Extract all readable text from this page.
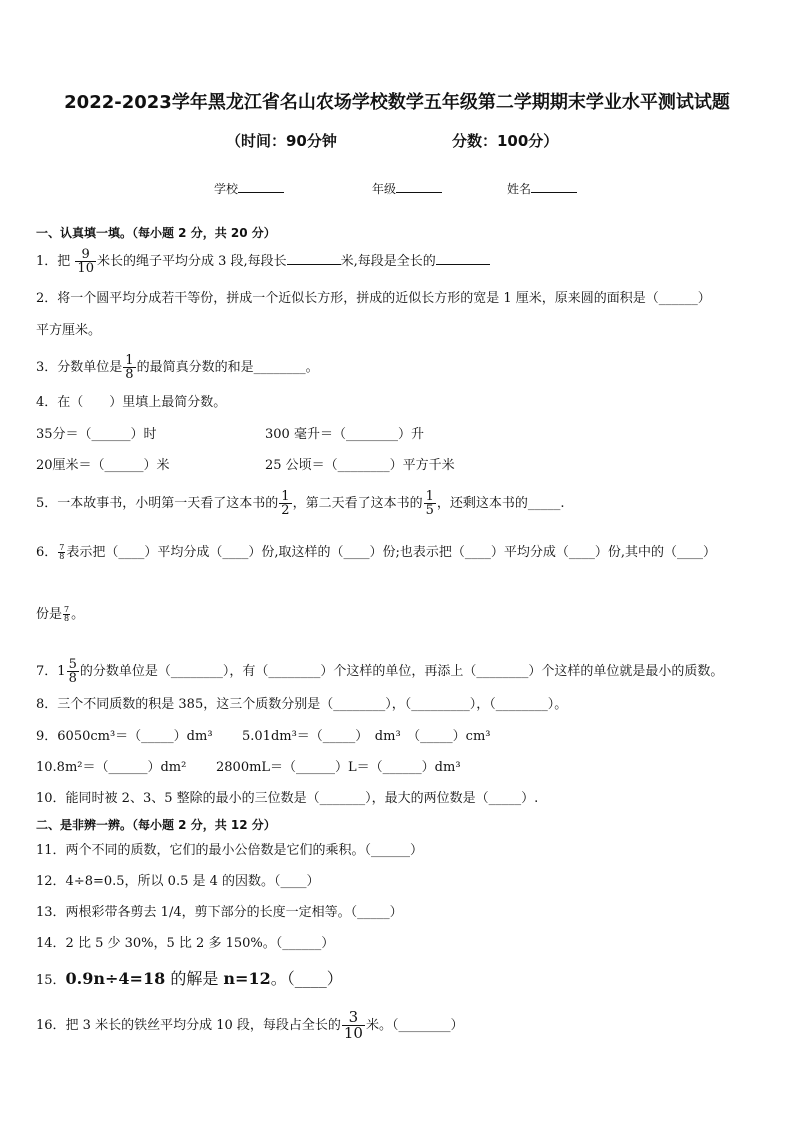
2022-2023学年黑龙江省名山农场学校数学五年级第二学期期末学业水平测试试题
（时间：90分钟	分数：100分）
学校	年级	姓名
一、认真填一填。（每小题 2 分，共 20 分）
1．把 $\frac{9}{10}$ 米长的绳子平均分成 3 段,每段长	米,每段是全长的
2．将一个圆平均分成若干等份，拼成一个近似长方形，拼成的近似长方形的宽是 1 厘米，原来圆的面积是（______）
平方厘米。
3．分数单位是 $\frac{1}{8}$ 的最简真分数的和是________。
4．在（　　）里填上最简分数。
35分＝（______）时	300 毫升＝（________）升
20厘米＝（______）米	25 公顷＝（________）平方千米
5．一本故事书，小明第一天看了这本书的 $\frac{1}{2}$ ，第二天看了这本书的 $\frac{1}{5}$ ，还剩这本书的_____.
6． $\frac{7}{8}$ 表示把（____）平均分成（____）份,取这样的（____）份;也表示把（____）平均分成（____）份,其中的（____）
份是 $\frac{7}{8}$ 。
7．$1 \frac{5}{8}$ 的分数单位是（________），有（________）个这样的单位，再添上（________）个这样的单位就是最小的质数。
8．三个不同质数的积是 385，这三个质数分别是（________），（_________），（________）。
9．6050cm³＝（_____）dm³ 5.01dm³＝（_____）　dm³　（_____）cm³
10.8m²＝（______）dm² 2800mL＝（______）L＝（______）dm³
10．能同时被 2、3、5 整除的最小的三位数是（_______），最大的两位数是（_____）.
二、是非辨一辨。（每小题 2 分，共 12 分）
11．两个不同的质数，它们的最小公倍数是它们的乘积。（______）
12．4÷8=0.5，所以 0.5 是 4 的因数。（____）
13．两根彩带各剪去 1/4，剪下部分的长度一定相等。（_____）
14．2 比 5 少 30%，5 比 2 多 150%。（______）
15．0.9n÷4=18 的解是 n=12。（____）
16．把 3 米长的铁丝平均分成 10 段，每段占全长的 $\frac{3}{10}$ 米。（________）
